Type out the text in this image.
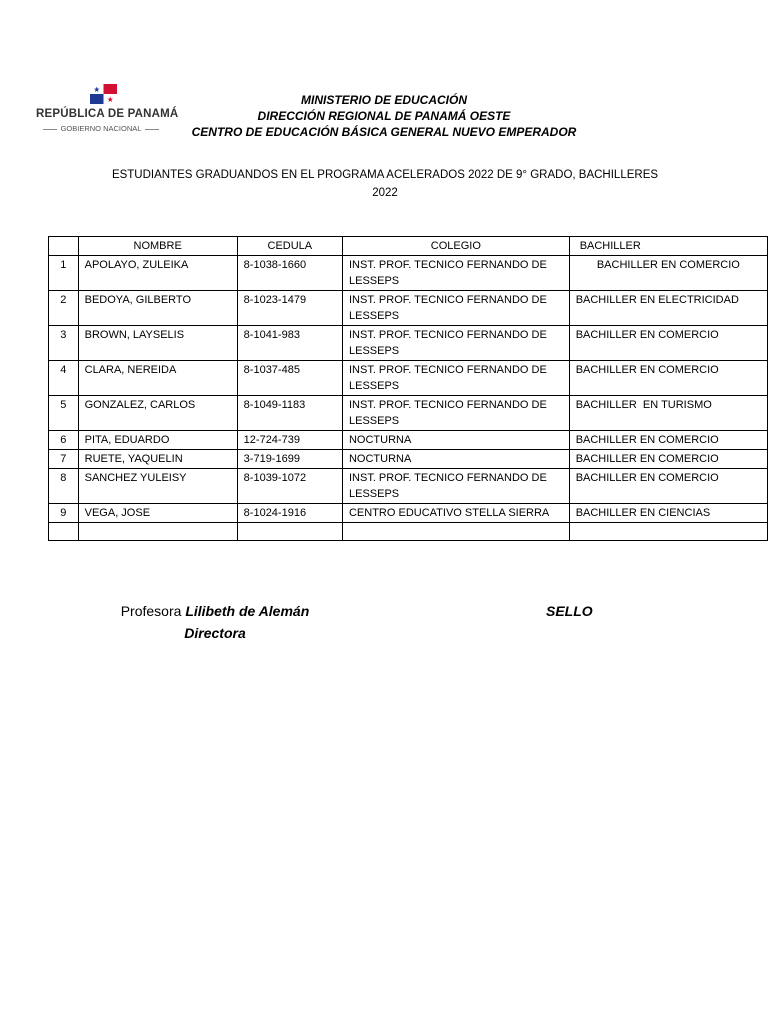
REPÚBLICA DE PANAMÁ
GOBIERNO NACIONAL
MINISTERIO DE EDUCACIÓN
DIRECCIÓN REGIONAL DE PANAMÁ OESTE
CENTRO DE EDUCACIÓN BÁSICA GENERAL NUEVO EMPERADOR
ESTUDIANTES GRADUANDOS EN EL PROGRAMA ACELERADOS 2022 DE 9° GRADO, BACHILLERES
2022
	NOMBRE	CEDULA	COLEGIO	BACHILLER
1	APOLAYO, ZULEIKA	8-1038-1660	INST. PROF. TECNICO FERNANDO DE LESSEPS	BACHILLER EN COMERCIO
2	BEDOYA, GILBERTO	8-1023-1479	INST. PROF. TECNICO FERNANDO DE LESSEPS	BACHILLER EN ELECTRICIDAD
3	BROWN, LAYSELIS	8-1041-983	INST. PROF. TECNICO FERNANDO DE LESSEPS	BACHILLER EN COMERCIO
4	CLARA, NEREIDA	8-1037-485	INST. PROF. TECNICO FERNANDO DE LESSEPS	BACHILLER EN COMERCIO
5	GONZALEZ, CARLOS	8-1049-1183	INST. PROF. TECNICO FERNANDO DE LESSEPS	BACHILLER  EN TURISMO
6	PITA, EDUARDO	12-724-739	NOCTURNA	BACHILLER EN COMERCIO
7	RUETE, YAQUELIN	3-719-1699	NOCTURNA	BACHILLER EN COMERCIO
8	SANCHEZ YULEISY	8-1039-1072	INST. PROF. TECNICO FERNANDO DE LESSEPS	BACHILLER EN COMERCIO
9	VEGA, JOSE	8-1024-1916	CENTRO EDUCATIVO STELLA SIERRA	BACHILLER EN CIENCIAS

Profesora Lilibeth de Alemán
Directora
SELLO
